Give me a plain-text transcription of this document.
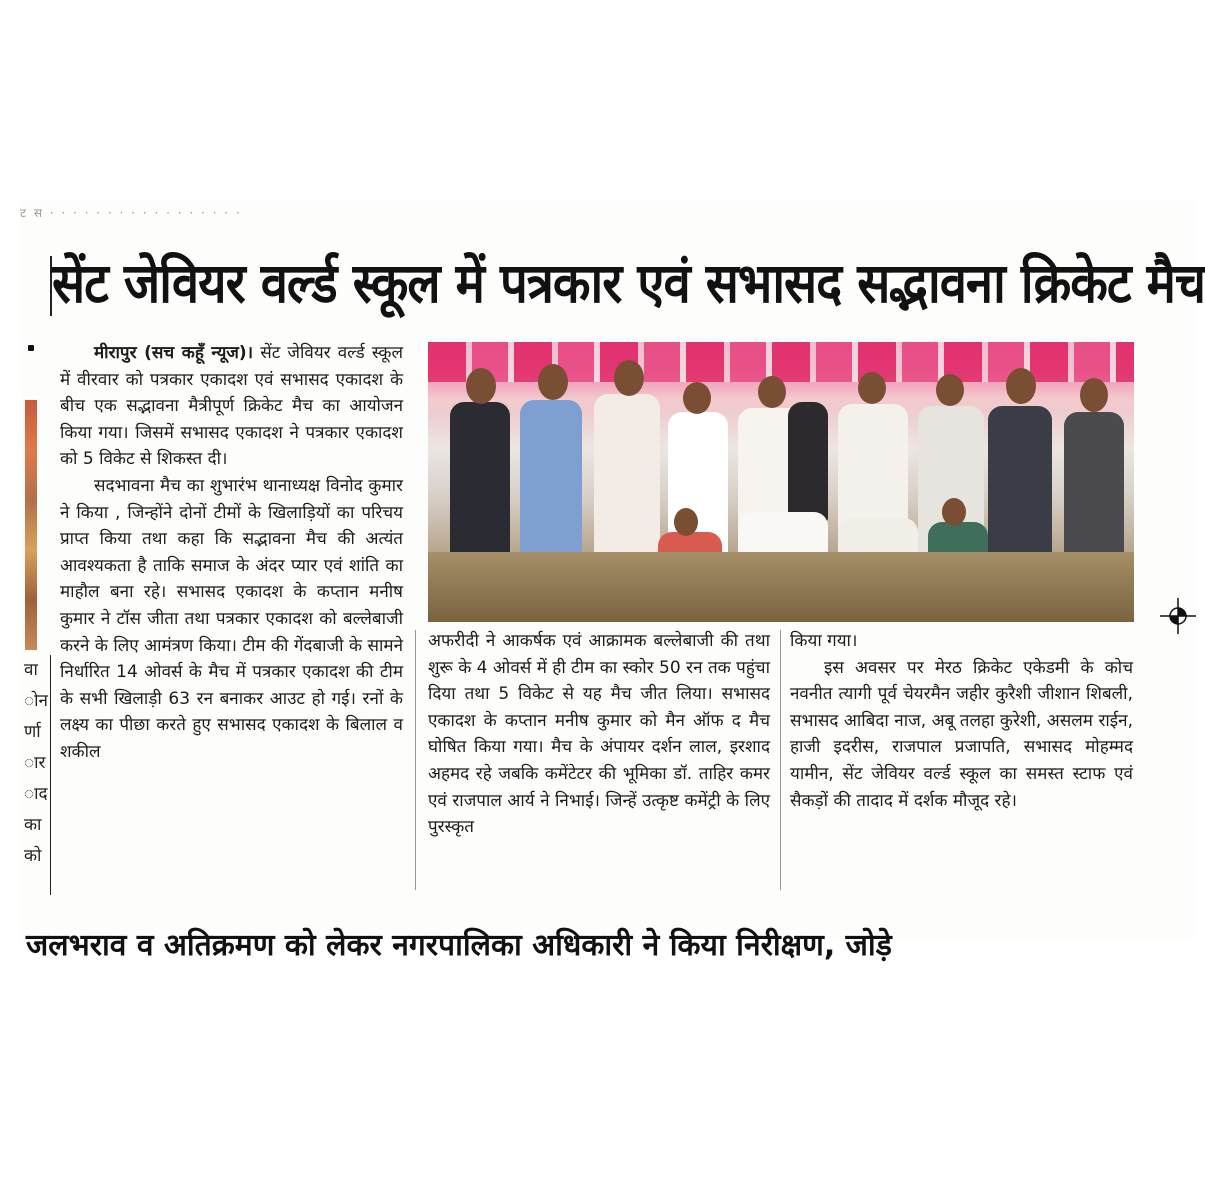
ट स · · · · · · · · · · · · · · · · ·
सेंट जेवियर वर्ल्ड स्कूल में पत्रकार एवं सभासद सद्भावना क्रिकेट मैच
वा
ोन
र्णा
ार
ाद
का
को

मीरापुर (सच कहूँ न्यूज)। सेंट जेवियर वर्ल्ड स्कूल में वीरवार को पत्रकार एकादश एवं सभासद एकादश के बीच एक सद्भावना मैत्रीपूर्ण क्रिकेट मैच का आयोजन किया गया। जिसमें सभासद एकादश ने पत्रकार एकादश को 5 विकेट से शिकस्त दी।

सदभावना मैच का शुभारंभ थानाध्यक्ष विनोद कुमार ने किया , जिन्होंने दोनों टीमों के खिलाड़ियों का परिचय प्राप्त किया तथा कहा कि सद्भावना मैच की अत्यंत आवश्यकता है ताकि समाज के अंदर प्यार एवं शांति का माहौल बना रहे। सभासद एकादश के कप्तान मनीष कुमार ने टॉस जीता तथा पत्रकार एकादश को बल्लेबाजी करने के लिए आमंत्रण किया। टीम की गेंदबाजी के सामने निर्धारित 14 ओवर्स के मैच में पत्रकार एकादश की टीम के सभी खिलाड़ी 63 रन बनाकर आउट हो गई। रनों के लक्ष्य का पीछा करते हुए सभासद एकादश के बिलाल व शकील

अफरीदी ने आकर्षक एवं आक्रामक बल्लेबाजी की तथा शुरू के 4 ओवर्स में ही टीम का स्कोर 50 रन तक पहुंचा दिया तथा 5 विकेट से यह मैच जीत लिया। सभासद एकादश के कप्तान मनीष कुमार को मैन ऑफ द मैच घोषित किया गया। मैच के अंपायर दर्शन लाल, इरशाद अहमद रहे जबकि कमेंटेटर की भूमिका डॉ. ताहिर कमर एवं राजपाल आर्य ने निभाई। जिन्हें उत्कृष्ट कमेंट्री के लिए पुरस्कृत

किया गया।

इस अवसर पर मेरठ क्रिकेट एकेडमी के कोच नवनीत त्यागी पूर्व चेयरमैन जहीर कुरैशी जीशान शिबली, सभासद आबिदा नाज, अबू तलहा कुरेशी, असलम राईन, हाजी इदरीस, राजपाल प्रजापति, सभासद मोहम्मद यामीन, सेंट जेवियर वर्ल्ड स्कूल का समस्त स्टाफ एवं सैकड़ों की तादाद में दर्शक मौजूद रहे।

जलभराव व अतिक्रमण को लेकर नगरपालिका अधिकारी ने किया निरीक्षण, जोड़े
